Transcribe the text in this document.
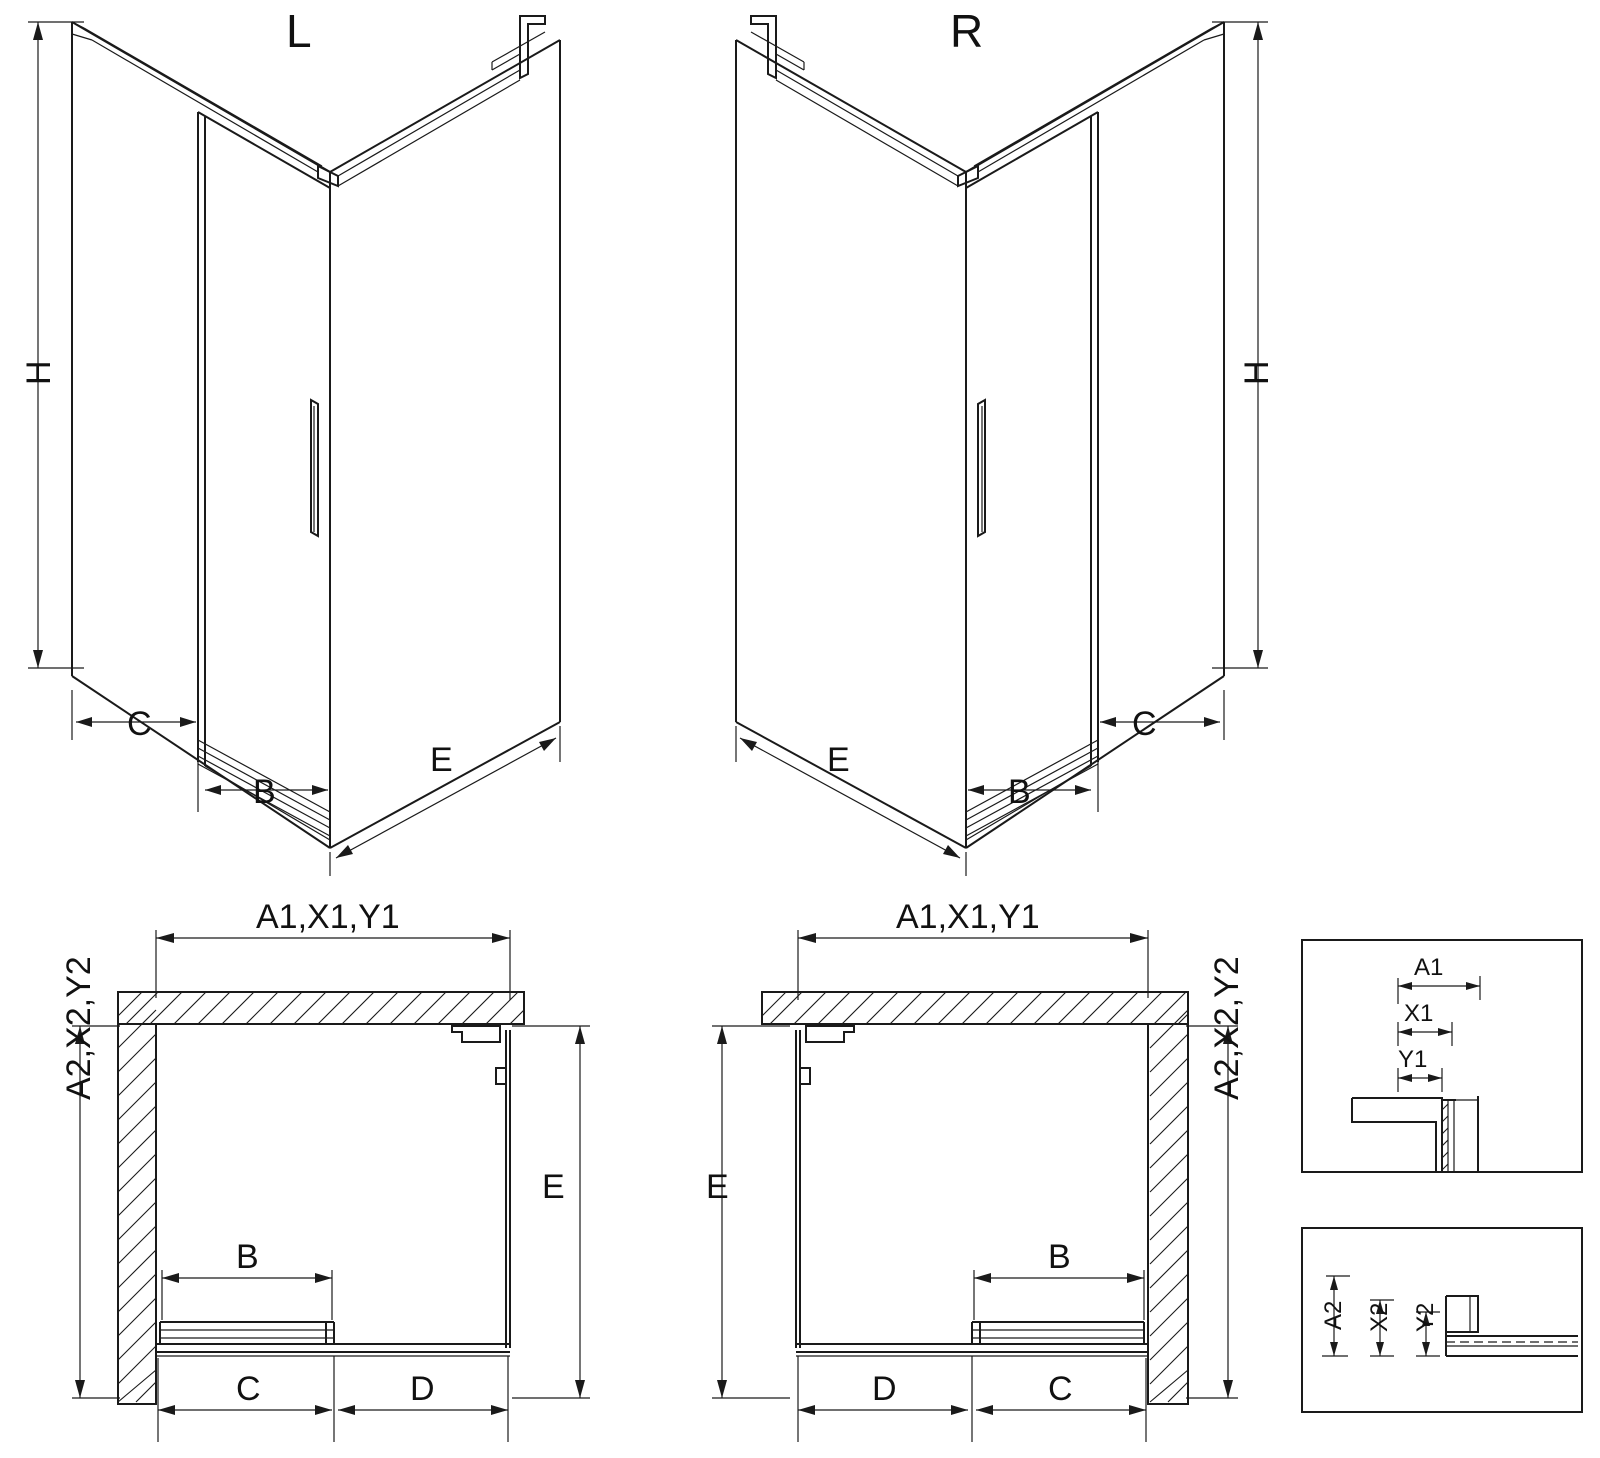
L	R
H
C
B
E
H
C
B
E
A1,X1,Y1
A2,X2,Y2
E
B
C	D
A1,X1,Y1
A2,X2,Y2
E
B
D	C
A1
X1
Y1
A2 X2 Y2
